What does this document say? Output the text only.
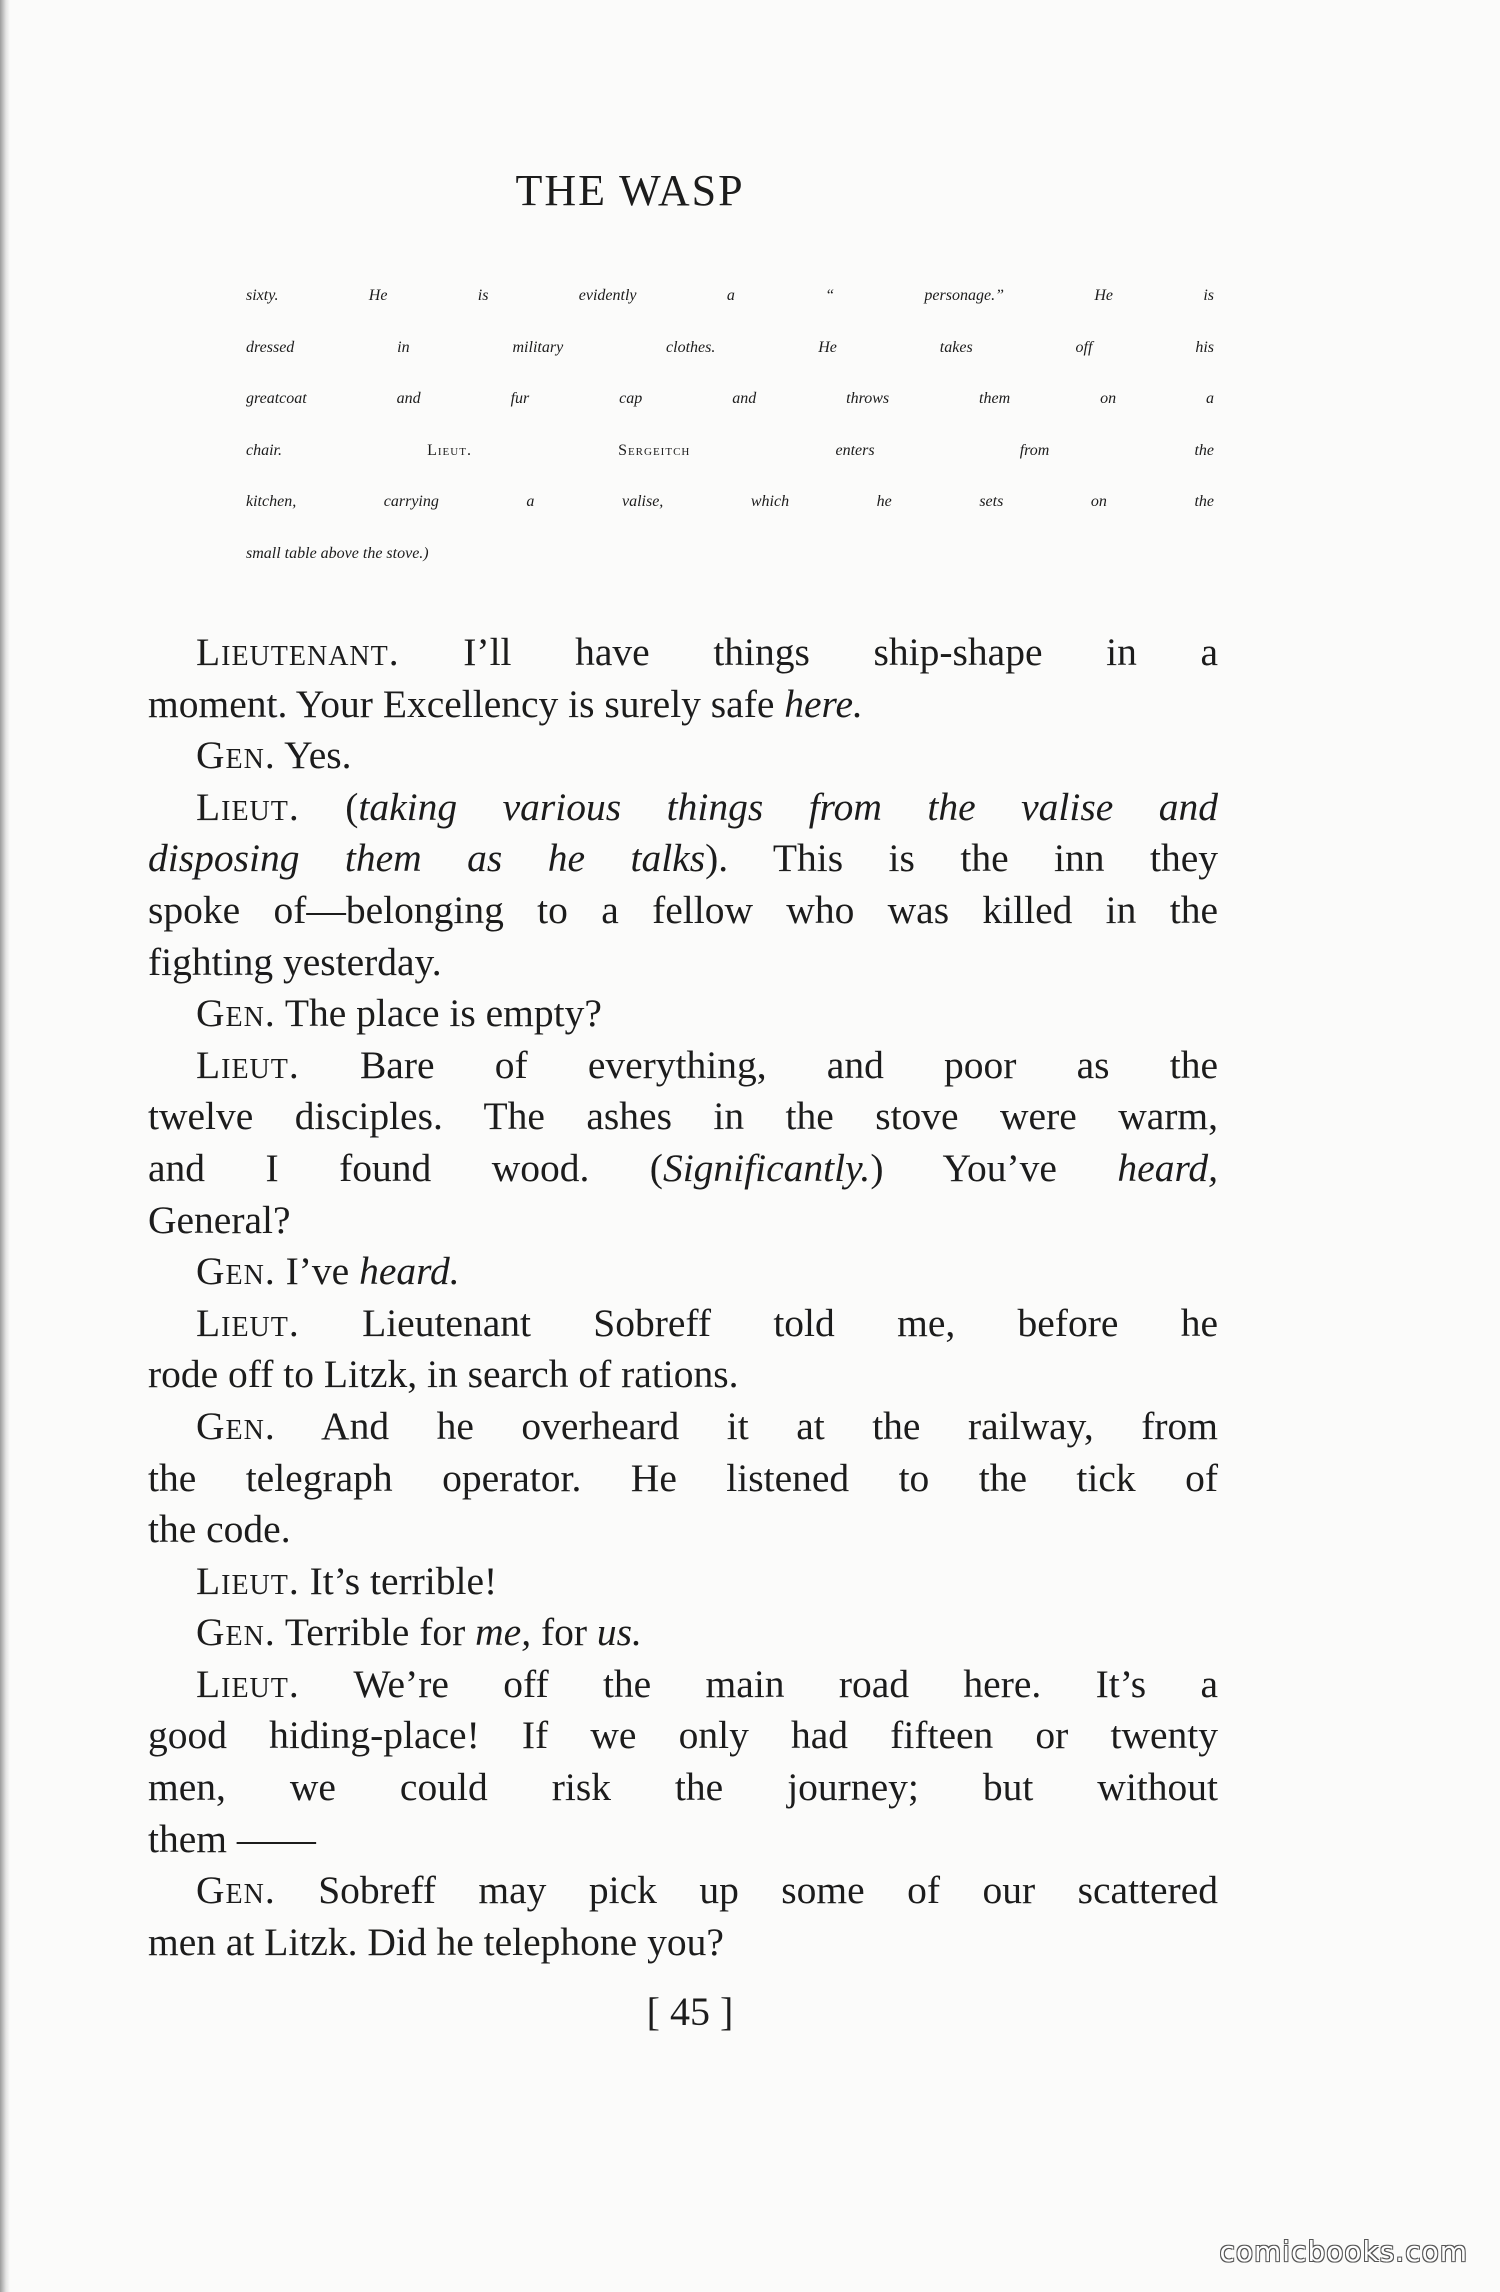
THE WASP

sixty. He is evidently a “ personage.” He is

dressed in military clothes. He takes off his

greatcoat and fur cap and throws them on a

chair. Lieut. Sergeitch enters from the

kitchen, carrying a valise, which he sets on the

small table above the stove.)

Lieutenant. I’ll have things ship-shape in a
moment. Your Excellency is surely safe here.
Gen. Yes.
Lieut. (taking various things from the valise and
disposing them as he talks). This is the inn they
spoke of—belonging to a fellow who was killed in the
fighting yesterday.
Gen. The place is empty?
Lieut. Bare of everything, and poor as the
twelve disciples. The ashes in the stove were warm,
and I found wood. (Significantly.) You’ve heard,
General?
Gen. I’ve heard.
Lieut. Lieutenant Sobreff told me, before he
rode off to Litzk, in search of rations.
Gen. And he overheard it at the railway, from
the telegraph operator. He listened to the tick of
the code.
Lieut. It’s terrible!
Gen. Terrible for me, for us.
Lieut. We’re off the main road here. It’s a
good hiding-place! If we only had fifteen or twenty
men, we could risk the journey; but without
them ——
Gen. Sobreff may pick up some of our scattered
men at Litzk. Did he telephone you?
[ 45 ]
comicbooks.com
